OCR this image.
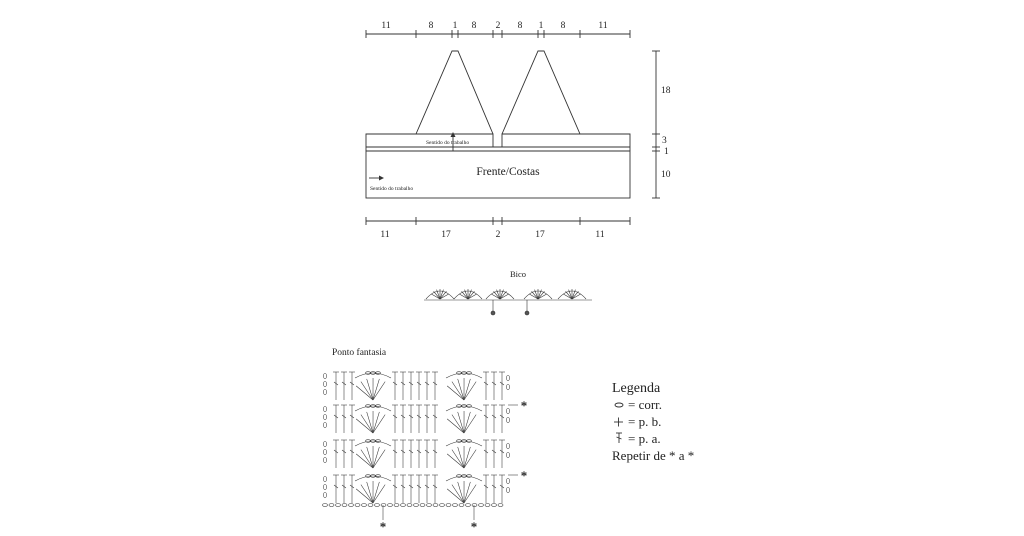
11	8 1 8 2 8 1 8	11
11	17	2	17	11
18
3
1
10
Sentido do trabalho
Sentido do trabalho
Frente/Costas
Bico
Ponto fantasia
*
*
*	*
Legenda
= corr.
= p. b.
= p. a.
Repetir de * a *
